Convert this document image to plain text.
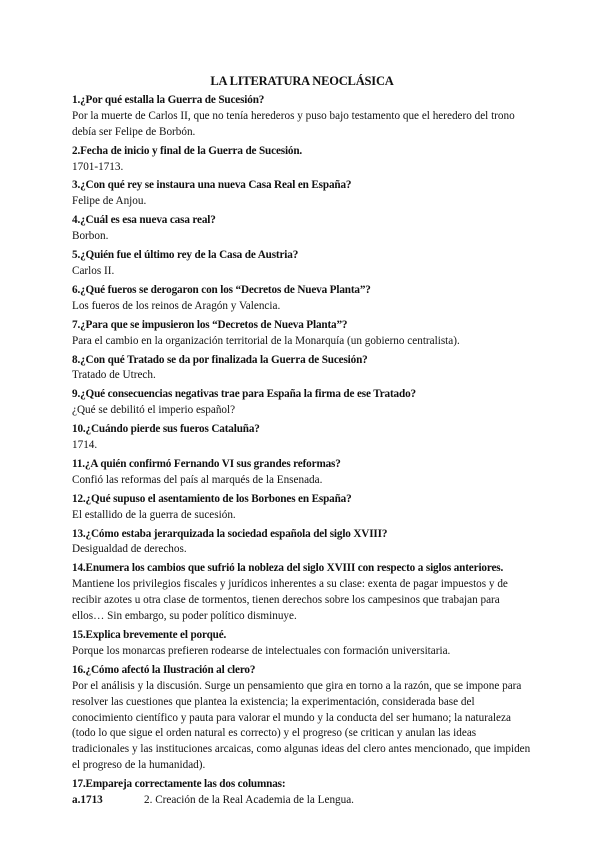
LA LITERATURA NEOCLÁSICA

1.¿Por qué estalla la Guerra de Sucesión?

Por la muerte de Carlos II, que no tenía herederos y puso bajo testamento que el heredero del trono debía ser Felipe de Borbón.

2.Fecha de inicio y final de la Guerra de Sucesión.

1701-1713.

3.¿Con qué rey se instaura una nueva Casa Real en España?

Felipe de Anjou.

4.¿Cuál es esa nueva casa real?

Borbon.

5.¿Quién fue el último rey de la Casa de Austria?

Carlos II.

6.¿Qué fueros se derogaron con los “Decretos de Nueva Planta”?

Los fueros de los reinos de Aragón y Valencia.

7.¿Para que se impusieron los “Decretos de Nueva Planta”?

Para el cambio en la organización territorial de la Monarquía (un gobierno centralista).

8.¿Con qué Tratado se da por finalizada la Guerra de Sucesión?

Tratado de Utrech.

9.¿Qué consecuencias negativas trae para España la firma de ese Tratado?

¿Qué se debilitó el imperio español?

10.¿Cuándo pierde sus fueros Cataluña?

1714.

11.¿A quién confirmó Fernando VI sus grandes reformas?

Confió las reformas del país al marqués de la Ensenada.

12.¿Qué supuso el asentamiento de los Borbones en España?

El estallido de la guerra de sucesión.

13.¿Cómo estaba jerarquizada la sociedad española del siglo XVIII?

Desigualdad de derechos.

14.Enumera los cambios que sufrió la nobleza del siglo XVIII con respecto a siglos anteriores.

Mantiene los privilegios fiscales y jurídicos inherentes a su clase: exenta de pagar impuestos y de recibir azotes u otra clase de tormentos, tienen derechos sobre los campesinos que trabajan para ellos… Sin embargo, su poder político disminuye.

15.Explica brevemente el porqué.

Porque los monarcas prefieren rodearse de intelectuales con formación universitaria.

16.¿Cómo afectó la Ilustración al clero?

Por el análisis y la discusión. Surge un pensamiento que gira en torno a la razón, que se impone para resolver las cuestiones que plantea la existencia; la experimentación, considerada base del conocimiento científico y pauta para valorar el mundo y la conducta del ser humano; la naturaleza (todo lo que sigue el orden natural es correcto) y el progreso (se critican y anulan las ideas tradicionales y las instituciones arcaicas, como algunas ideas del clero antes mencionado, que impiden el progreso de la humanidad).

17.Empareja correctamente las dos columnas:

a.1713	2. Creación de la Real Academia de la Lengua.
